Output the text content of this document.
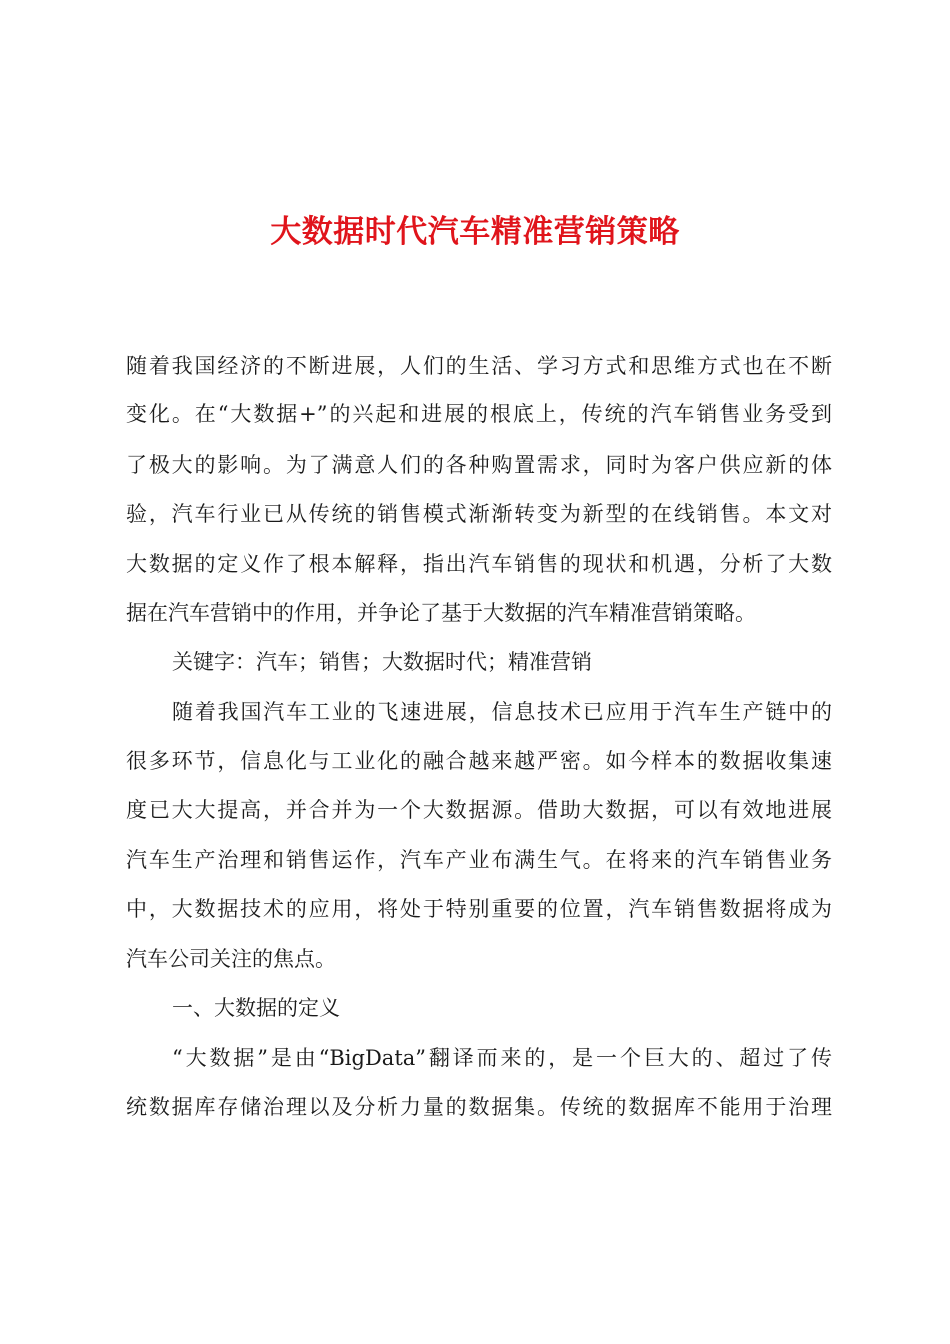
大数据时代汽车精准营销策略
随着我国经济的不断进展，人们的生活、学习方式和思维方式也在不断
变化。在“大数据+”的兴起和进展的根底上，传统的汽车销售业务受到
了极大的影响。为了满意人们的各种购置需求，同时为客户供应新的体
验，汽车行业已从传统的销售模式渐渐转变为新型的在线销售。本文对
大数据的定义作了根本解释，指出汽车销售的现状和机遇，分析了大数
据在汽车营销中的作用，并争论了基于大数据的汽车精准营销策略。
关键字：汽车；销售；大数据时代；精准营销
随着我国汽车工业的飞速进展，信息技术已应用于汽车生产链中的
很多环节，信息化与工业化的融合越来越严密。如今样本的数据收集速
度已大大提高，并合并为一个大数据源。借助大数据，可以有效地进展
汽车生产治理和销售运作，汽车产业布满生气。在将来的汽车销售业务
中，大数据技术的应用，将处于特别重要的位置，汽车销售数据将成为
汽车公司关注的焦点。
一、大数据的定义
“大数据”是由“BigData”翻译而来的，是一个巨大的、超过了传
统数据库存储治理以及分析力量的数据集。传统的数据库不能用于治理
